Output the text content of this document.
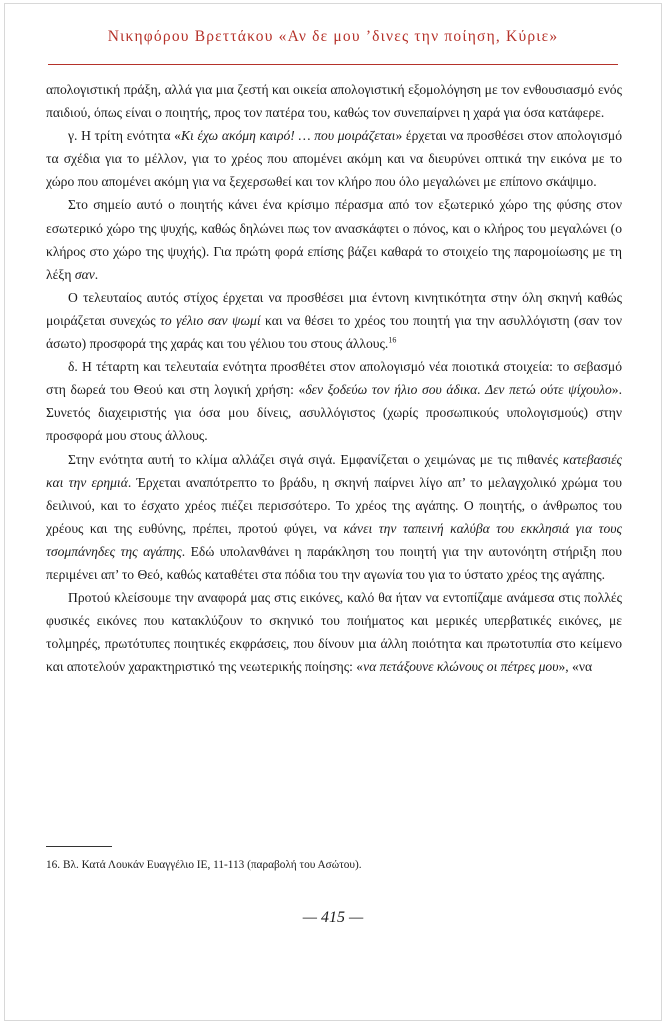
Νικηφόρου Βρεττάκου «Αν δε μου ’δινες την ποίηση, Κύριε»

απολογιστική πράξη, αλλά για μια ζεστή και οικεία απολογιστική εξομολόγηση με τον ενθουσιασμό ενός παιδιού, όπως είναι ο ποιητής, προς τον πατέρα του, καθώς τον συνεπαίρνει η χαρά για όσα κατάφερε.

γ. Η τρίτη ενότητα «Κι έχω ακόμη καιρό! … που μοιράζεται» έρχεται να προσθέσει στον απολογισμό τα σχέδια για το μέλλον, για το χρέος που απομένει ακόμη και να διευρύνει οπτικά την εικόνα με το χώρο που απομένει ακόμη για να ξεχερσωθεί και τον κλήρο που όλο μεγαλώνει με επίπονο σκάψιμο.

Στο σημείο αυτό ο ποιητής κάνει ένα κρίσιμο πέρασμα από τον εξωτερικό χώρο της φύσης στον εσωτερικό χώρο της ψυχής, καθώς δηλώνει πως τον ανασκάφτει ο πόνος, και ο κλήρος του μεγαλώνει (ο κλήρος στο χώρο της ψυχής). Για πρώτη φορά επίσης βάζει καθαρά το στοιχείο της παρομοίωσης με τη λέξη σαν.

Ο τελευταίος αυτός στίχος έρχεται να προσθέσει μια έντονη κινητικότητα στην όλη σκηνή καθώς μοιράζεται συνεχώς το γέλιο σαν ψωμί και να θέσει το χρέος του ποιητή για την ασυλλόγιστη (σαν τον άσωτο) προσφορά της χαράς και του γέλιου του στους άλλους.$^{16}$

δ. Η τέταρτη και τελευταία ενότητα προσθέτει στον απολογισμό νέα ποιοτικά στοιχεία: το σεβασμό στη δωρεά του Θεού και στη λογική χρήση: «δεν ξοδεύω τον ήλιο σου άδικα. Δεν πετώ ούτε ψίχουλο». Συνετός διαχειριστής για όσα μου δίνεις, ασυλλόγιστος (χωρίς προσωπικούς υπολογισμούς) στην προσφορά μου στους άλλους.

Στην ενότητα αυτή το κλίμα αλλάζει σιγά σιγά. Εμφανίζεται ο χειμώνας με τις πιθανές κατεβασιές και την ερημιά. Έρχεται αναπότρεπτο το βράδυ, η σκηνή παίρνει λίγο απ’ το μελαγχολικό χρώμα του δειλινού, και το έσχατο χρέος πιέζει περισσότερο. Το χρέος της αγάπης. Ο ποιητής, ο άνθρωπος του χρέους και της ευθύνης, πρέπει, προτού φύγει, να κάνει την ταπεινή καλύβα του εκκλησιά για τους τσομπάνηδες της αγάπης. Εδώ υπολανθάνει η παράκληση του ποιητή για την αυτονόητη στήριξη που περιμένει απ’ το Θεό, καθώς καταθέτει στα πόδια του την αγωνία του για το ύστατο χρέος της αγάπης.

Προτού κλείσουμε την αναφορά μας στις εικόνες, καλό θα ήταν να εντοπίζαμε ανάμεσα στις πολλές φυσικές εικόνες που κατακλύζουν το σκηνικό του ποιήματος και μερικές υπερβατικές εικόνες, με τολμηρές, πρωτότυπες ποιητικές εκφράσεις, που δίνουν μια άλλη ποιότητα και πρωτοτυπία στο κείμενο και αποτελούν χαρακτηριστικό της νεωτερικής ποίησης: «να πετάξουνε κλώνους οι πέτρες μου», «να

16. Βλ. Κατά Λουκάν Ευαγγέλιο ΙΕ, 11-113 (παραβολή του Ασώτου).
— 415 —
